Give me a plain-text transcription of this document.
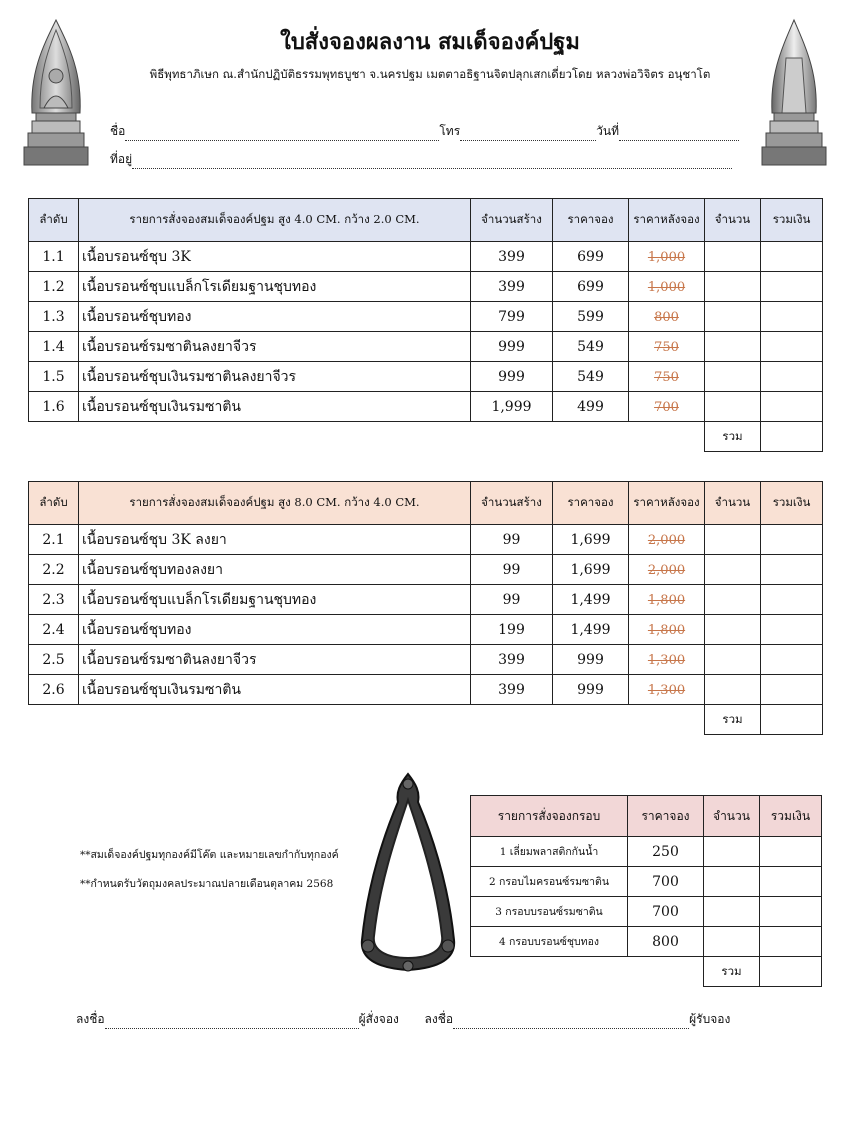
ใบสั่งจองผลงาน สมเด็จองค์ปฐม
พิธีพุทธาภิเษก ณ.สำนักปฏิบัติธรรมพุทธบูชา จ.นครปฐม เมตตาอธิฐานจิตปลุกเสกเดี่ยวโดย หลวงพ่อวิจิตร อนุชาโต
ชื่อ	โทร	วันที่
ที่อยู่
ลำดับ	รายการสั่งจองสมเด็จองค์ปฐม สูง 4.0 CM. กว้าง 2.0 CM.	จำนวนสร้าง	ราคาจอง	ราคาหลังจอง	จำนวน	รวมเงิน
1.1	เนื้อบรอนซ์ชุบ 3K	399	699	1,000		
1.2	เนื้อบรอนซ์ชุบแบล็กโรเดียมฐานชุบทอง	399	699	1,000		
1.3	เนื้อบรอนซ์ชุบทอง	799	599	800		
1.4	เนื้อบรอนซ์รมซาตินลงยาจีวร	999	549	750		
1.5	เนื้อบรอนซ์ชุบเงินรมซาตินลงยาจีวร	999	549	750		
1.6	เนื้อบรอนซ์ชุบเงินรมซาติน	1,999	499	700		
					รวม	
ลำดับ	รายการสั่งจองสมเด็จองค์ปฐม สูง 8.0 CM. กว้าง 4.0 CM.	จำนวนสร้าง	ราคาจอง	ราคาหลังจอง	จำนวน	รวมเงิน
2.1	เนื้อบรอนซ์ชุบ 3K ลงยา	99	1,699	2,000		
2.2	เนื้อบรอนซ์ชุบทองลงยา	99	1,699	2,000		
2.3	เนื้อบรอนซ์ชุบแบล็กโรเดียมฐานชุบทอง	99	1,499	1,800		
2.4	เนื้อบรอนซ์ชุบทอง	199	1,499	1,800		
2.5	เนื้อบรอนซ์รมซาตินลงยาจีวร	399	999	1,300		
2.6	เนื้อบรอนซ์ชุบเงินรมซาติน	399	999	1,300		
					รวม	
**สมเด็จองค์ปฐมทุกองค์มีโค๊ต และหมายเลขกำกับทุกองค์
**กำหนดรับวัตถุมงคลประมาณปลายเดือนตุลาคม 2568
รายการสั่งจองกรอบ	ราคาจอง	จำนวน	รวมเงิน
1 เลี่ยมพลาสติกกันน้ำ	250		
2 กรอบไมครอนซ์รมซาติน	700		
3 กรอบบรอนซ์รมซาติน	700		
4 กรอบบรอนซ์ชุบทอง	800		
		รวม	
ลงชื่อ	ผู้สั่งจอง ลงชื่อ	ผู้รับจอง
